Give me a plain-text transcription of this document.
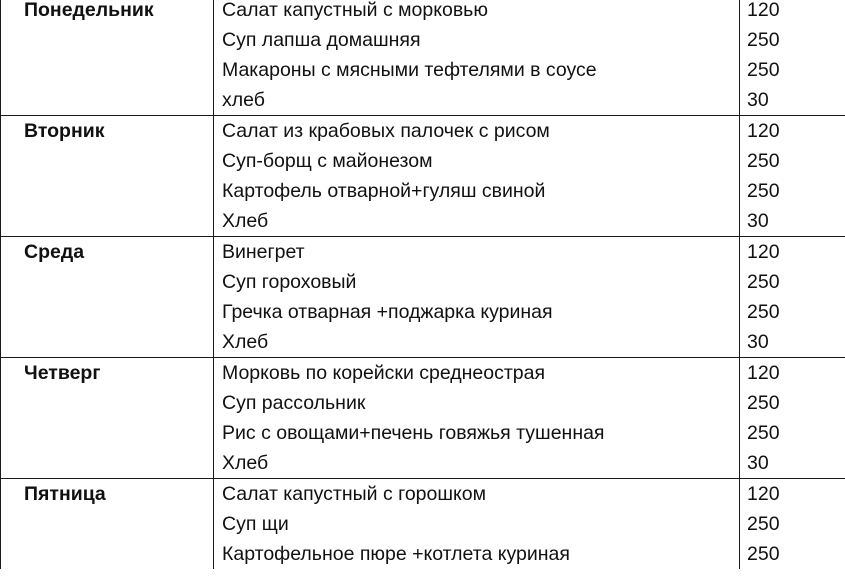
Понедельник	Салат капустный с морковью	120
	Суп лапша домашняя	250
	Макароны с мясными тефтелями в соусе	250
	хлеб	30
Вторник	Салат из крабовых палочек с рисом	120
	Суп-борщ с майонезом	250
	Картофель отварной+гуляш свиной	250
	Хлеб	30
Среда	Винегрет	120
	Суп гороховый	250
	Гречка отварная +поджарка куриная	250
	Хлеб	30
Четверг	Морковь по корейски среднеострая	120
	Суп рассольник	250
	Рис с овощами+печень говяжья тушенная	250
	Хлеб	30
Пятница	Салат капустный с горошком	120
	Суп щи	250
	Картофельное пюре +котлета куриная	250
